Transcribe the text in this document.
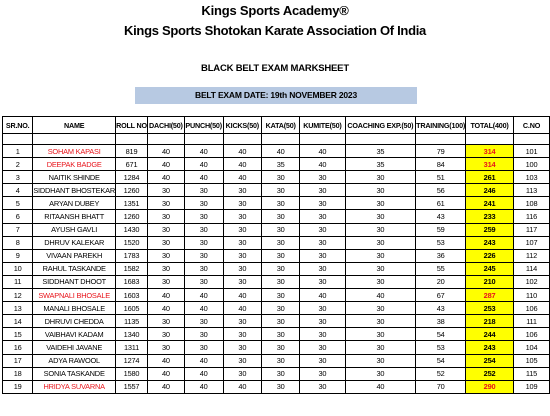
Kings Sports Academy®
Kings Sports Shotokan Karate Association Of India
BLACK BELT EXAM MARKSHEET
BELT EXAM DATE: 19th NOVEMBER 2023
SR.NO.	NAME	ROLL NO	DACHI(50)	PUNCH(50)	KICKS(50)	KATA(50)	KUMITE(50)	COACHING EXP.(50)	TRAINING(100)	TOTAL(400)	C.NO

1	SOHAM KAPASI	819	40	40	40	40	40	35	79	314	101
2	DEEPAK BADGE	671	40	40	40	35	40	35	84	314	100
3	NAITIK SHINDE	1284	40	40	40	30	30	30	51	261	103
4	SIDDHANT BHOSTEKAR	1260	30	30	30	30	30	30	56	246	113
5	ARYAN DUBEY	1351	30	30	30	30	30	30	61	241	108
6	RITAANSH BHATT	1260	30	30	30	30	30	30	43	233	116
7	AYUSH GAVLI	1430	30	30	30	30	30	30	59	259	117
8	DHRUV KALEKAR	1520	30	30	30	30	30	30	53	243	107
9	VIVAAN PAREKH	1783	30	30	30	30	30	30	36	226	112
10	RAHUL TASKANDE	1582	30	30	30	30	30	30	55	245	114
11	SIDDHANT DHOOT	1683	30	30	30	30	30	30	20	210	102
12	SWAPNALI BHOSALE	1603	40	40	40	30	40	40	67	287	110
13	MANALI BHOSALE	1605	40	40	40	30	30	30	43	253	106
14	DHRUVI CHEDDA	1135	30	30	30	30	30	30	38	218	111
15	VAIBHAVI KADAM	1340	30	30	30	30	30	30	54	244	106
16	VAIDEHI JAVANE	1311	30	30	30	30	30	30	53	243	104
17	ADYA RAWOOL	1274	40	40	30	30	30	30	54	254	105
18	SONIA TASKANDE	1580	40	40	30	30	30	30	52	252	115
19	HRIDYA SUVARNA	1557	40	40	40	30	30	40	70	290	109
